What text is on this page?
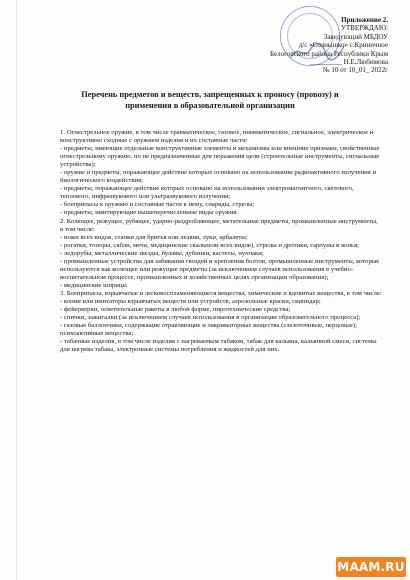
Приложение 2.
УТВЕРЖДАЮ:
Заведующий МБДОУ
д/с «Солнышко» с.Криничное
Белогорского района Республики Крым
_________ Н.Е.Любимова
№ 10 от 10_01_ 2022г
Перечень предметов и веществ, запрещенных к проносу (провозу) и
применения в образовательной организации

1. Огнестрельное оружие, в том числе травматическое, газовое, пневматическое, сигнальное, электрическое и конструктивно сходные с оружием изделия и их составные части:

- предметы, имеющие отдельные конструктивные элементы и механизмы или внешние признаки, свойственные огнестрельному оружию, но не предназначенные для поражения цели (строительные инструменты, сигнальные устройства);

- оружие и предметы, поражающее действие которых основано на использовании радиоактивного излучения и биологического воздействия;

- предметы, поражающее действие которых основано на использовании электромагнитного, светового, теплового, инфразвукового или ультразвукового излучения;

- боеприпасы к оружию и составные части к нему, снаряды, стрелы;

- предметы, имитирующие вышеперечисленные виды оружия.

2. Колющее, режущее, рубящее, ударно-раздробляющее, метательные предметы, промышленные инструменты, в том числе:

- ножи всех видов, станки для бритья или лезвия, луки, арбалеты;

- рогатки, топоры, сабли, мечи, медицинские скальпели всех видов), стрелы и дротики, гарпуны и копья;

- ледорубы, металлические звезды, булавы, дубинки, кастеты, нунчаки;

- промышленные устройства для забивания гвоздей и крепления болтов, промышленные инструменты, которые используются как колющее или режущие предметы (за исключением случаев использования в учебно- воспитательном процессе, промышленных и хозяйственных целях организации образования);

- медицинские шприцы

3. Боеприпасы, взрывчатые и легковоспламеняющиеся вещества, химические и ядовитые вещества, в том числе:

- копии или имитаторы взрывчатых веществ или устройств, аэрозольные краски, скипидар;

- фейерверки, осветительные ракеты в любой форме, пиротехнические средства;

- спички, зажигалки (за исключением случаев использования в организации образовательного процесса);

- газовые баллончики, содержащие отравляющие и лакриматорные вещества (слезоточивые, перцовые); психоактивные вещества;

- табачные изделия, в том числе изделия с нагреваемым табаком, табак для кальяна, кальянной смеси, системы для нагрева табака, электронные системы потребления и жидкостей для них.

MAAM.RU
